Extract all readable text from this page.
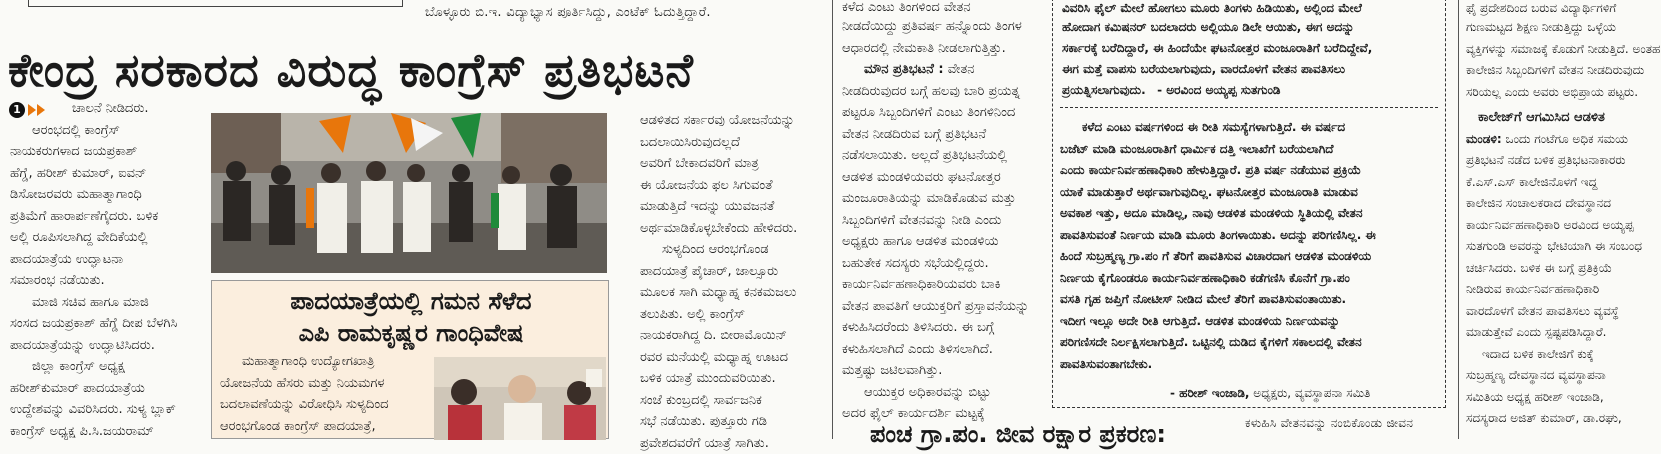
ಬೊಳ್ಳೂರು ಬಿ.ಇ. ವಿದ್ಯಾಭ್ಯಾಸ ಪೂರ್ತಿಸಿದ್ದು, ಎಂಟೆಕ್ ಓದುತ್ತಿದ್ದಾರೆ.
ಕೇಂದ್ರ ಸರಕಾರದ ವಿರುದ್ಧ ಕಾಂಗ್ರೆಸ್ ಪ್ರತಿಭಟನೆ
1	ಚಾಲನೆ ನೀಡಿದರು.

ಆರಂಭದಲ್ಲಿ ಕಾಂಗ್ರೆಸ್

ನಾಯಕರುಗಳಾದ ಜಯಪ್ರಕಾಶ್

ಹೆಗ್ಡೆ, ಹರೀಶ್ ಕುಮಾರ್, ಐವನ್

ಡಿಸೋಜರವರು ಮಹಾತ್ಮಾಗಾಂಧಿ

ಪ್ರತಿಮೆಗೆ ಹಾರಾರ್ಪಣೆಗೈದರು. ಬಳಿಕ

ಅಲ್ಲಿ ರೂಪಿಸಲಾಗಿದ್ದ ವೇದಿಕೆಯಲ್ಲಿ

ಪಾದಯಾತ್ರೆಯ ಉದ್ಘಾಟನಾ

ಸಮಾರಂಭ ನಡೆಯಿತು.

ಮಾಜಿ ಸಚಿವ ಹಾಗೂ ಮಾಜಿ

ಸಂಸದ ಜಯಪ್ರಕಾಶ್ ಹೆಗ್ಡೆ ದೀಪ ಬೆಳಗಿಸಿ

ಪಾದಯಾತ್ರೆಯನ್ನು ಉದ್ಘಾಟಿಸಿದರು.

ಜಿಲ್ಲಾ ಕಾಂಗ್ರೆಸ್ ಅಧ್ಯಕ್ಷ

ಹರೀಶ್‌ಕುಮಾರ್ ಪಾದಯಾತ್ರೆಯ

ಉದ್ದೇಶವನ್ನು ವಿವರಿಸಿದರು. ಸುಳ್ಯ ಬ್ಲಾಕ್

ಕಾಂಗ್ರೆಸ್ ಅಧ್ಯಕ್ಷ ಪಿ.ಸಿ.ಜಯರಾಮ್

ಪಾದಯಾತ್ರೆಯಲ್ಲಿ ಗಮನ ಸೆಳೆದ
ಎಪಿ ರಾಮಕೃಷ್ಣರ ಗಾಂಧಿವೇಷ

ಮಹಾತ್ಮಾಗಾಂಧಿ ಉದ್ಯೋಗಖಾತ್ರಿ

ಯೋಜನೆಯ ಹೆಸರು ಮತ್ತು ನಿಯಮಗಳ

ಬದಲಾವಣೆಯನ್ನು ವಿರೋಧಿಸಿ ಸುಳ್ಯದಿಂದ

ಆರಂಭಗೊಂಡ ಕಾಂಗ್ರೆಸ್ ಪಾದಯಾತ್ರೆ,

ಆಡಳಿತದ ಸರ್ಕಾರವು ಯೋಜನೆಯನ್ನು

ಬದಲಾಯಿಸಿರುವುದಲ್ಲದೆ

ಅವರಿಗೆ ಬೇಕಾದವರಿಗೆ ಮಾತ್ರ

ಈ ಯೋಜನೆಯ ಫಲ ಸಿಗುವಂತೆ

ಮಾಡುತ್ತಿದೆ ಇದನ್ನು ಯುವಜನತೆ

ಅರ್ಥಮಾಡಿಕೊಳ್ಳಬೇಕೆಂದು ಹೇಳಿದರು.

ಸುಳ್ಯದಿಂದ ಆರಂಭಗೊಂಡ

ಪಾದಯಾತ್ರೆ ಪೈಚಾರ್, ಜಾಲ್ಸೂರು

ಮೂಲಕ ಸಾಗಿ ಮಧ್ಯಾಹ್ನ ಕನಕಮಜಲು

ತಲುಪಿತು. ಅಲ್ಲಿ ಕಾಂಗ್ರೆಸ್

ನಾಯಕರಾಗಿದ್ದ ದಿ. ಬೀರಾಮೊಯಿನ್

ರವರ ಮನೆಯಲ್ಲಿ ಮಧ್ಯಾಹ್ನ ಊಟದ

ಬಳಿಕ ಯಾತ್ರೆ ಮುಂದುವರಿಯಿತು.

ಸಂಜೆ ಕುಂಬ್ರದಲ್ಲಿ ಸಾರ್ವಜನಿಕ

ಸಭೆ ನಡೆಯಿತು. ಪುತ್ತೂರು ಗಡಿ

ಪ್ರವೇಶದವರೆಗೆ ಯಾತ್ರೆ ಸಾಗಿತು.

ಕಳೆದ ಎಂಟು ತಿಂಗಳಿಂದ ವೇತನ

ನೀಡದೆಯಿದ್ದು ಪ್ರತಿವರ್ಷ ಹನ್ನೊಂದು ತಿಂಗಳ

ಆಧಾರದಲ್ಲಿ ನೇಮಕಾತಿ ನೀಡಲಾಗುತ್ತಿತ್ತು.

ಮೌನ ಪ್ರತಿಭಟನೆ : ವೇತನ

ನೀಡದಿರುವುದರ ಬಗ್ಗೆ ಹಲವು ಬಾರಿ ಪ್ರಯತ್ನ

ಪಟ್ಟರೂ ಸಿಬ್ಬಂದಿಗಳಿಗೆ ಎಂಟು ತಿಂಗಳಿನಿಂದ

ವೇತನ ನೀಡದಿರುವ ಬಗ್ಗೆ ಪ್ರತಿಭಟನೆ

ನಡೆಸಲಾಯಿತು. ಅಲ್ಲದೆ ಪ್ರತಿಭಟನೆಯಲ್ಲಿ

ಆಡಳಿತ ಮಂಡಳಿಯವರು ಘಟನೋತ್ತರ

ಮಂಜೂರಾತಿಯನ್ನು ಮಾಡಿಕೊಡುವ ಮತ್ತು

ಸಿಬ್ಬಂದಿಗಳಿಗೆ ವೇತನವನ್ನು ನೀಡಿ ಎಂದು

ಅಧ್ಯಕ್ಷರು ಹಾಗೂ ಆಡಳಿತ ಮಂಡಳಿಯ

ಬಹುತೇಕ ಸದಸ್ಯರು ಸಭೆಯಲ್ಲಿದ್ದರು.

ಕಾರ್ಯನಿರ್ವಹಣಾಧಿಕಾರಿಯವರು ಬಾಕಿ

ವೇತನ ಪಾವತಿಗೆ ಆಯುಕ್ತರಿಗೆ ಪ್ರಸ್ತಾವನೆಯನ್ನು

ಕಳುಹಿಸಿದರೆಂದು ತಿಳಿಸಿದರು. ಈ ಬಗ್ಗೆ

ಕಳುಹಿಸಲಾಗಿದೆ ಎಂದು ತಿಳಿಸಲಾಗಿದೆ.

ಮತ್ತಷ್ಟು ಜಟಿಲವಾಗಿತ್ತು.

ಆಯುಕ್ತರ ಅಧಿಕಾರವನ್ನು ಬಿಟ್ಟು

ಅದರ ಫೈಲ್ ಕಾರ್ಯದರ್ಶಿ ಮಟ್ಟಕ್ಕೆ

ವಿವರಿಸಿ ಫೈಲ್ ಮೇಲೆ ಹೋಗಲು ಮೂರು ತಿಂಗಳು ಹಿಡಿಯಿತು, ಅಲ್ಲಿಂದ ಮೇಲೆ

ಹೋದಾಗ ಕಮಿಷನರ್ ಬದಲಾದರು ಅಲ್ಲಿಯೂ ಡಿಲೇ ಆಯಿತು, ಈಗ ಅದನ್ನು

ಸರ್ಕಾರಕ್ಕೆ ಬರೆದಿದ್ದಾರೆ, ಈ ಹಿಂದೆಯೇ ಘಟನೋತ್ತರ ಮಂಜೂರಾತಿಗೆ ಬರೆದಿದ್ದೇವೆ,

ಈಗ ಮತ್ತೆ ವಾಪಸು ಬರೆಯಲಾಗುವುದು, ವಾರದೊಳಗೆ ವೇತನ ಪಾವತಿಸಲು

ಪ್ರಯತ್ನಿಸಲಾಗುವುದು. - ಅರವಿಂದ ಅಯ್ಯಪ್ಪ ಸುತಗುಂಡಿ

ಕಳೆದ ಎಂಟು ವರ್ಷಗಳಿಂದ ಈ ರೀತಿ ಸಮಸ್ಯೆಗಳಾಗುತ್ತಿದೆ. ಈ ವರ್ಷದ

ಬಜೆಟ್ ಮಾಡಿ ಮಂಜೂರಾತಿಗೆ ಧಾರ್ಮಿಕ ದತ್ತಿ ಇಲಾಖೆಗೆ ಬರೆಯಲಾಗಿದೆ

ಎಂದು ಕಾರ್ಯನಿರ್ವಹಣಾಧಿಕಾರಿ ಹೇಳುತ್ತಿದ್ದಾರೆ. ಪ್ರತಿ ವರ್ಷ ನಡೆಯುವ ಪ್ರಕ್ರಿಯೆ

ಯಾಕೆ ಮಾಡುತ್ತಾರೆ ಅರ್ಥವಾಗುವುದಿಲ್ಲ. ಘಟನೋತ್ತರ ಮಂಜೂರಾತಿ ಮಾಡುವ

ಅವಕಾಶ ಇತ್ತು, ಅದೂ ಮಾಡಿಲ್ಲ, ನಾವು ಆಡಳಿತ ಮಂಡಳಿಯ ಸ್ಥಿತಿಯಲ್ಲಿ ವೇತನ

ಪಾವತಿಸುವಂತೆ ನಿರ್ಣಯ ಮಾಡಿ ಮೂರು ತಿಂಗಳಾಯಿತು. ಅದನ್ನು ಪರಿಗಣಿಸಿಲ್ಲ. ಈ

ಹಿಂದೆ ಸುಬ್ರಹ್ಮಣ್ಯ ಗ್ರಾ.ಪಂ ಗೆ ತೆರಿಗೆ ಪಾವತಿಸುವ ವಿಚಾರದಾಗ ಆಡಳಿತ ಮಂಡಳಿಯ

ನಿರ್ಣಯ ಕೈಗೊಂಡರೂ ಕಾರ್ಯನಿರ್ವಹಣಾಧಿಕಾರಿ ಕಡೆಗಣಿಸಿ ಕೊನೆಗೆ ಗ್ರಾ.ಪಂ

ವಸತಿ ಗೃಹ ಜಪ್ತಿಗೆ ನೋಟೀಸ್ ನೀಡಿದ ಮೇಲೆ ತೆರಿಗೆ ಪಾವತಿಸುವಂತಾಯಿತು.

ಇದೀಗ ಇಲ್ಲೂ ಅದೇ ರೀತಿ ಆಗುತ್ತಿದೆ. ಆಡಳಿತ ಮಂಡಳಿಯ ನಿರ್ಣಯವನ್ನು

ಪರಿಗಣಿಸದೇ ನಿರ್ಲಕ್ಷಿಸಲಾಗುತ್ತಿದೆ. ಒಟ್ಟಿನಲ್ಲಿ ದುಡಿದ ಕೈಗಳಿಗೆ ಸಕಾಲದಲ್ಲಿ ವೇತನ

ಪಾವತಿಸುವಂತಾಗಬೇಕು.

- ಹರೀಶ್ ಇಂಜಾಡಿ, ಅಧ್ಯಕ್ಷರು, ವ್ಯವಸ್ಥಾಪನಾ ಸಮಿತಿ

ಪಂಚ ಗ್ರಾ.ಪಂ. ಜೀವ ರಕ್ಷಾರ ಪ್ರಕರಣ:	ಕಳುಹಿಸಿ ವೇತನವನ್ನು ನಂಬಿಕೊಂಡು ಜೀವನ

ಫೈ ಪ್ರದೇಶದಿಂದ ಬರುವ ವಿದ್ಯಾರ್ಥಿಗಳಿಗೆ

ಗುಣಮಟ್ಟದ ಶಿಕ್ಷಣ ನೀಡುತ್ತಿದ್ದು ಒಳ್ಳೆಯ

ವ್ಯಕ್ತಿಗಳನ್ನು ಸಮಾಜಕ್ಕೆ ಕೊಡುಗೆ ನೀಡುತ್ತಿದೆ. ಅಂತಹ

ಕಾಲೇಜಿನ ಸಿಬ್ಬಂದಿಗಳಿಗೆ ವೇತನ ನೀಡದಿರುವುದು

ಸರಿಯಲ್ಲ ಎಂದು ಅವರು ಅಭಿಪ್ರಾಯ ಪಟ್ಟರು.

ಕಾಲೇಜ್‌ಗೆ ಆಗಮಿಸಿದ ಆಡಳಿತ

ಮಂಡಳಿ: ಒಂದು ಗಂಟೆಗೂ ಅಧಿಕ ಸಮಯ

ಪ್ರತಿಭಟನೆ ನಡೆದ ಬಳಿಕ ಪ್ರತಿಭಟನಾಕಾರರು

ಕೆ.ಎಸ್.ಎಸ್ ಕಾಲೇಜಿನೊಳಗೆ ಇದ್ದ

ಕಾಲೇಜಿನ ಸಂಚಾಲಕರಾದ ದೇವಸ್ಥಾನದ

ಕಾರ್ಯನಿರ್ವಹಣಾಧಿಕಾರಿ ಅರವಿಂದ ಅಯ್ಯಪ್ಪ

ಸುತಗುಂಡಿ ಅವರನ್ನು ಭೇಟಿಯಾಗಿ ಈ ಸಂಬಂಧ

ಚರ್ಚಿಸಿದರು. ಬಳಿಕ ಈ ಬಗ್ಗೆ ಪ್ರತಿಕ್ರಿಯೆ

ನೀಡಿರುವ ಕಾರ್ಯನಿರ್ವಹಣಾಧಿಕಾರಿ

ವಾರದೊಳಗೆ ವೇತನ ಪಾವತಿಸಲು ವ್ಯವಸ್ಥೆ

ಮಾಡುತ್ತೇವೆ ಎಂದು ಸ್ಪಷ್ಟಪಡಿಸಿದ್ದಾರೆ.

ಇದಾದ ಬಳಿಕ ಕಾಲೇಜಿಗೆ ಕುಕ್ಕೆ

ಸುಬ್ರಹ್ಮಣ್ಯ ದೇವಸ್ಥಾನದ ವ್ಯವಸ್ಥಾಪನಾ

ಸಮಿತಿಯ ಅಧ್ಯಕ್ಷ ಹರೀಶ್ ಇಂಜಾಡಿ,

ಸದಸ್ಯರಾದ ಅಜಿತ್ ಕುಮಾರ್, ಡಾ.ರಘು,
